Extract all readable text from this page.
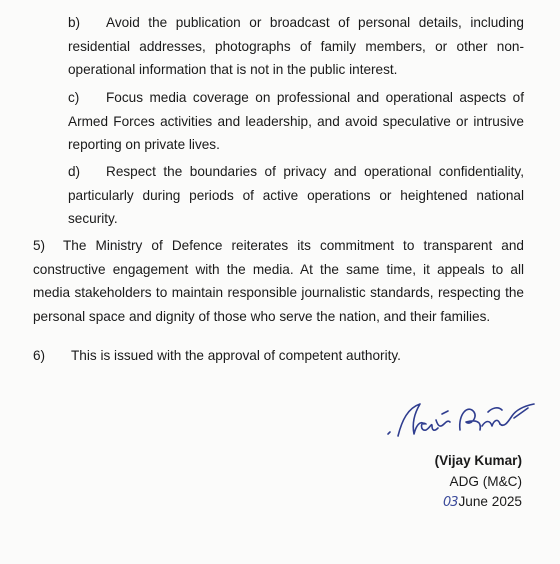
b) Avoid the publication or broadcast of personal details, including residential addresses, photographs of family members, or other non-operational information that is not in the public interest.

c) Focus media coverage on professional and operational aspects of Armed Forces activities and leadership, and avoid speculative or intrusive reporting on private lives.

d) Respect the boundaries of privacy and operational confidentiality, particularly during periods of active operations or heightened national security.

5) The Ministry of Defence reiterates its commitment to transparent and constructive engagement with the media. At the same time, it appeals to all media stakeholders to maintain responsible journalistic standards, respecting the personal space and dignity of those who serve the nation, and their families.

6) This is issued with the approval of competent authority.

(Vijay Kumar)
ADG (M&C)
03June 2025
